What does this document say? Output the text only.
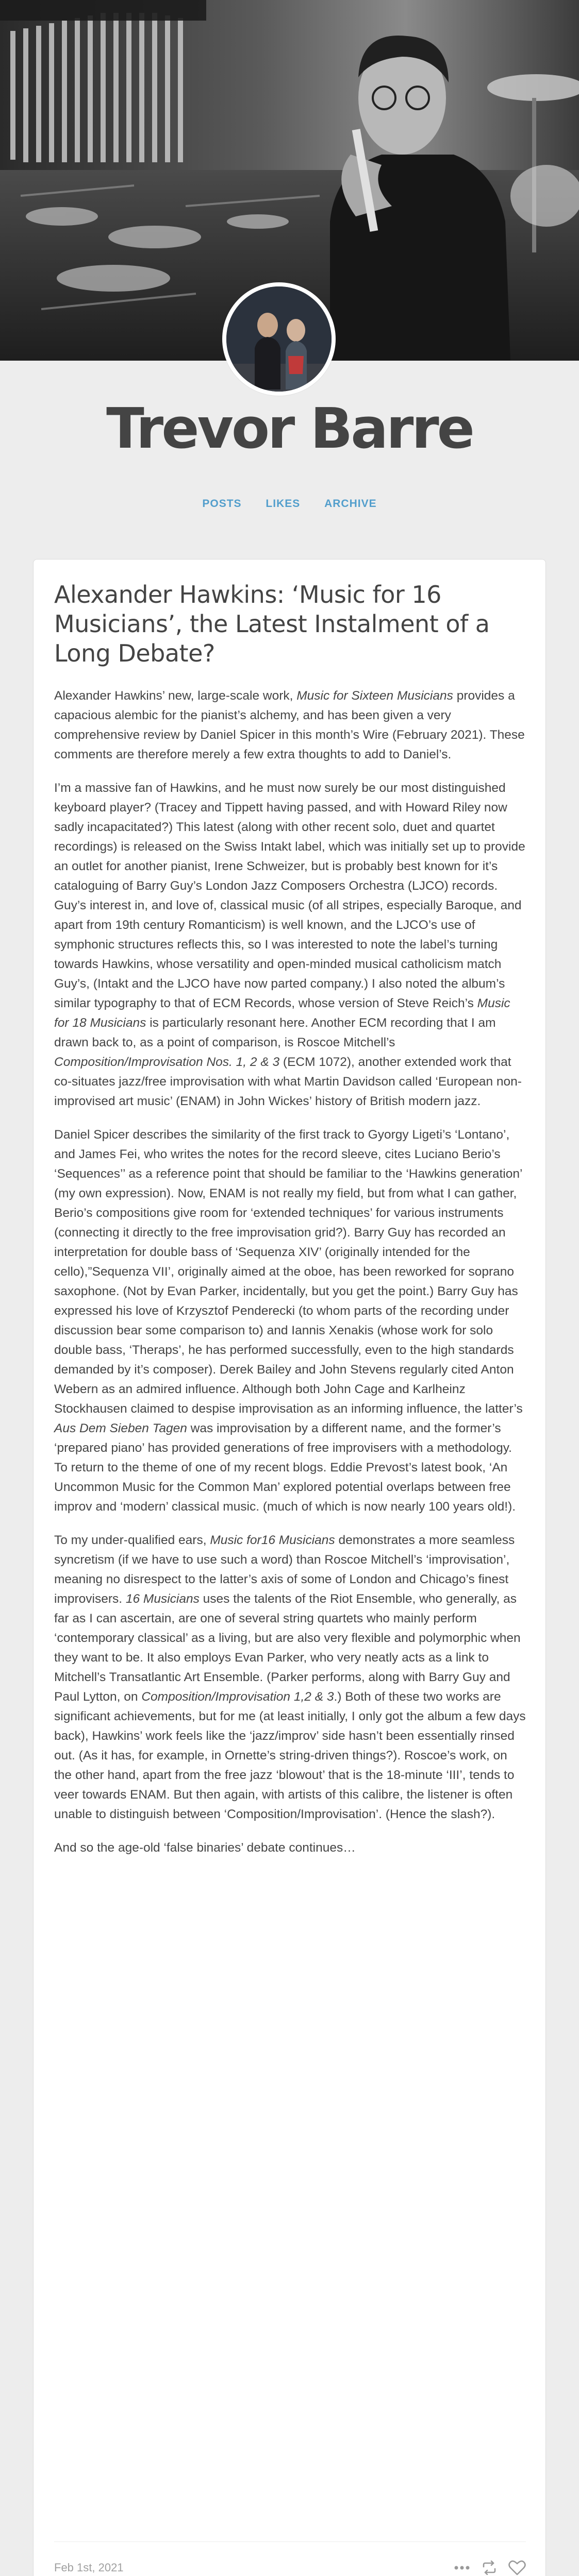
Trevor Barre
POSTS LIKES ARCHIVE
Alexander Hawkins: ‘Music for 16 Musicians’, the Latest Instalment of a Long Debate?

Alexander Hawkins’ new, large-scale work, Music for Sixteen Musicians provides a capacious alembic for the pianist’s alchemy, and has been given a very comprehensive review by Daniel Spicer in this month’s Wire (February 2021). These comments are therefore merely a few extra thoughts to add to Daniel’s.

I’m a massive fan of Hawkins, and he must now surely be our most distinguished keyboard player? (Tracey and Tippett having passed, and with Howard Riley now sadly incapacitated?) This latest (along with other recent solo, duet and quartet recordings) is released on the Swiss Intakt label, which was initially set up to provide an outlet for another pianist, Irene Schweizer, but is probably best known for it’s cataloguing of Barry Guy’s London Jazz Composers Orchestra (LJCO) records. Guy’s interest in, and love of, classical music (of all stripes, especially Baroque, and apart from 19th century Romanticism) is well known, and the LJCO’s use of symphonic structures reflects this, so I was interested to note the label’s turning towards Hawkins, whose versatility and open-minded musical catholicism match Guy’s, (Intakt and the LJCO have now parted company.) I also noted the album’s similar typography to that of ECM Records, whose version of Steve Reich’s Music for 18 Musicians is particularly resonant here. Another ECM recording that I am drawn back to, as a point of comparison, is Roscoe Mitchell’s Composition/Improvisation Nos. 1, 2 & 3 (ECM 1072), another extended work that co-situates jazz/free improvisation with what Martin Davidson called ‘European non-improvised art music’ (ENAM) in John Wickes’ history of British modern jazz.

Daniel Spicer describes the similarity of the first track to Gyorgy Ligeti’s ‘Lontano’, and James Fei, who writes the notes for the record sleeve, cites Luciano Berio’s ‘Sequences’’ as a reference point that should be familiar to the ‘Hawkins generation’ (my own expression). Now, ENAM is not really my field, but from what I can gather, Berio’s compositions give room for ‘extended techniques’ for various instruments (connecting it directly to the free improvisation grid?). Barry Guy has recorded an interpretation for double bass of ‘Sequenza XIV’ (originally intended for the cello),”Sequenza VII’, originally aimed at the oboe, has been reworked for soprano saxophone. (Not by Evan Parker, incidentally, but you get the point.) Barry Guy has expressed his love of Krzysztof Penderecki (to whom parts of the recording under discussion bear some comparison to) and Iannis Xenakis (whose work for solo double bass, ‘Theraps’, he has performed successfully, even to the high standards demanded by it’s composer). Derek Bailey and John Stevens regularly cited Anton Webern as an admired influence. Although both John Cage and Karlheinz Stockhausen claimed to despise improvisation as an informing influence, the latter’s Aus Dem Sieben Tagen was improvisation by a different name, and the former’s ‘prepared piano’ has provided generations of free improvisers with a methodology. To return to the theme of one of my recent blogs. Eddie Prevost’s latest book, ‘An Uncommon Music for the Common Man’ explored potential overlaps between free improv and ‘modern’ classical music. (much of which is now nearly 100 years old!).

To my under-qualified ears, Music for16 Musicians demonstrates a more seamless syncretism (if we have to use such a word) than Roscoe Mitchell’s ‘improvisation’, meaning no disrespect to the latter’s axis of some of London and Chicago’s finest improvisers. 16 Musicians uses the talents of the Riot Ensemble, who generally, as far as I can ascertain, are one of several string quartets who mainly perform ‘contemporary classical’ as a living, but are also very flexible and polymorphic when they want to be. It also employs Evan Parker, who very neatly acts as a link to Mitchell’s Transatlantic Art Ensemble. (Parker performs, along with Barry Guy and Paul Lytton, on Composition/Improvisation 1,2 & 3.) Both of these two works are significant achievements, but for me (at least initially, I only got the album a few days back), Hawkins’ work feels like the ‘jazz/improv’ side hasn’t been essentially rinsed out. (As it has, for example, in Ornette’s string-driven things?). Roscoe’s work, on the other hand, apart from the free jazz ‘blowout’ that is the 18-minute ‘III’, tends to veer towards ENAM. But then again, with artists of this calibre, the listener is often unable to distinguish between ‘Composition/Improvisation’. (Hence the slash?).

And so the age-old ‘false binaries’ debate continues…

Feb 1st, 2021
